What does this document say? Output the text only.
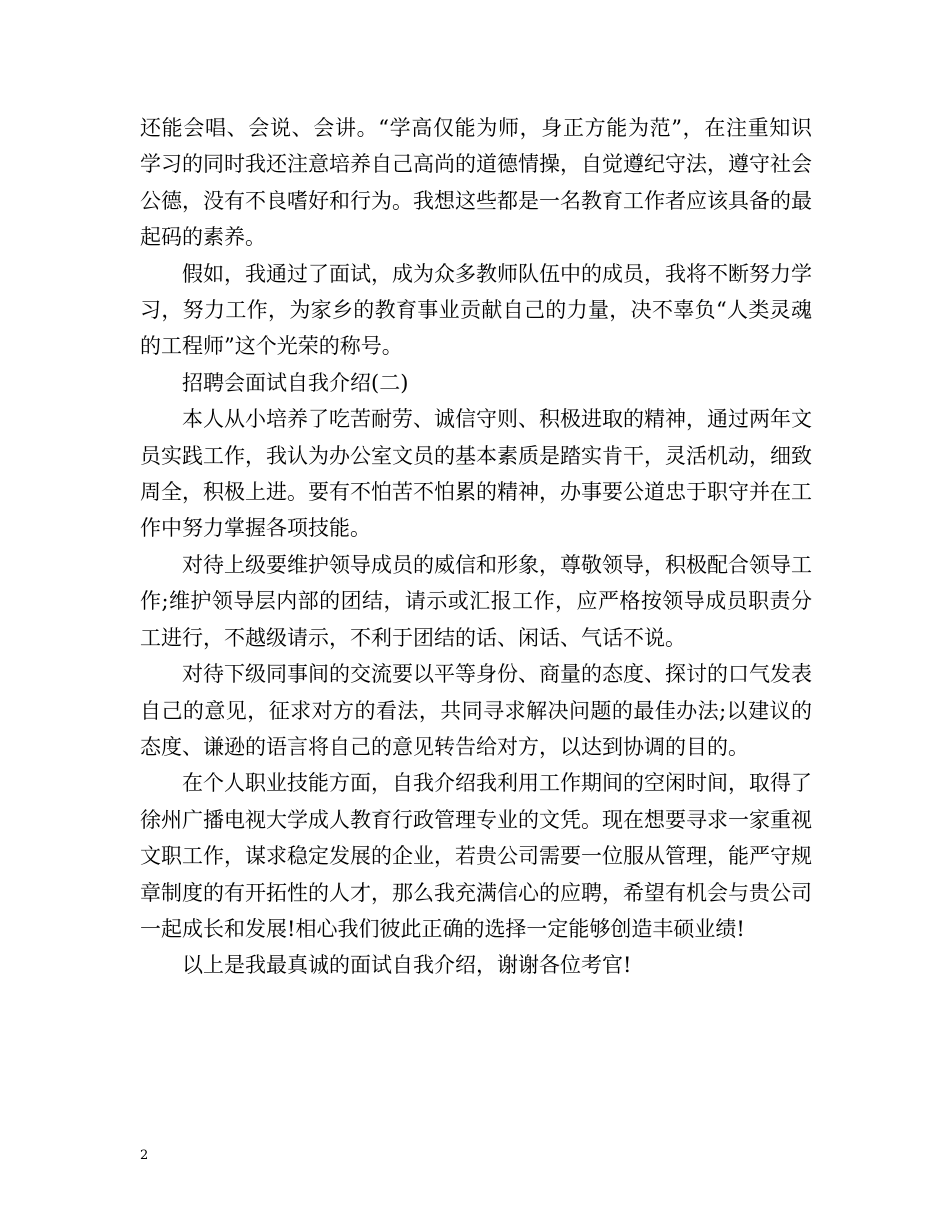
还能会唱、会说、会讲。“学高仅能为师，身正方能为范”，在注重知识学习的同时我还注意培养自己高尚的道德情操，自觉遵纪守法，遵守社会公德，没有不良嗜好和行为。我想这些都是一名教育工作者应该具备的最起码的素养。

假如，我通过了面试，成为众多教师队伍中的成员，我将不断努力学习，努力工作，为家乡的教育事业贡献自己的力量，决不辜负“人类灵魂的工程师”这个光荣的称号。

招聘会面试自我介绍(二)

本人从小培养了吃苦耐劳、诚信守则、积极进取的精神，通过两年文员实践工作，我认为办公室文员的基本素质是踏实肯干，灵活机动，细致周全，积极上进。要有不怕苦不怕累的精神，办事要公道忠于职守并在工作中努力掌握各项技能。

对待上级要维护领导成员的威信和形象，尊敬领导，积极配合领导工作;维护领导层内部的团结，请示或汇报工作，应严格按领导成员职责分工进行，不越级请示，不利于团结的话、闲话、气话不说。

对待下级同事间的交流要以平等身份、商量的态度、探讨的口气发表自己的意见，征求对方的看法，共同寻求解决问题的最佳办法;以建议的态度、谦逊的语言将自己的意见转告给对方，以达到协调的目的。

在个人职业技能方面，自我介绍我利用工作期间的空闲时间，取得了徐州广播电视大学成人教育行政管理专业的文凭。现在想要寻求一家重视文职工作，谋求稳定发展的企业，若贵公司需要一位服从管理，能严守规章制度的有开拓性的人才，那么我充满信心的应聘，希望有机会与贵公司一起成长和发展!相心我们彼此正确的选择一定能够创造丰硕业绩!

以上是我最真诚的面试自我介绍，谢谢各位考官!

2
